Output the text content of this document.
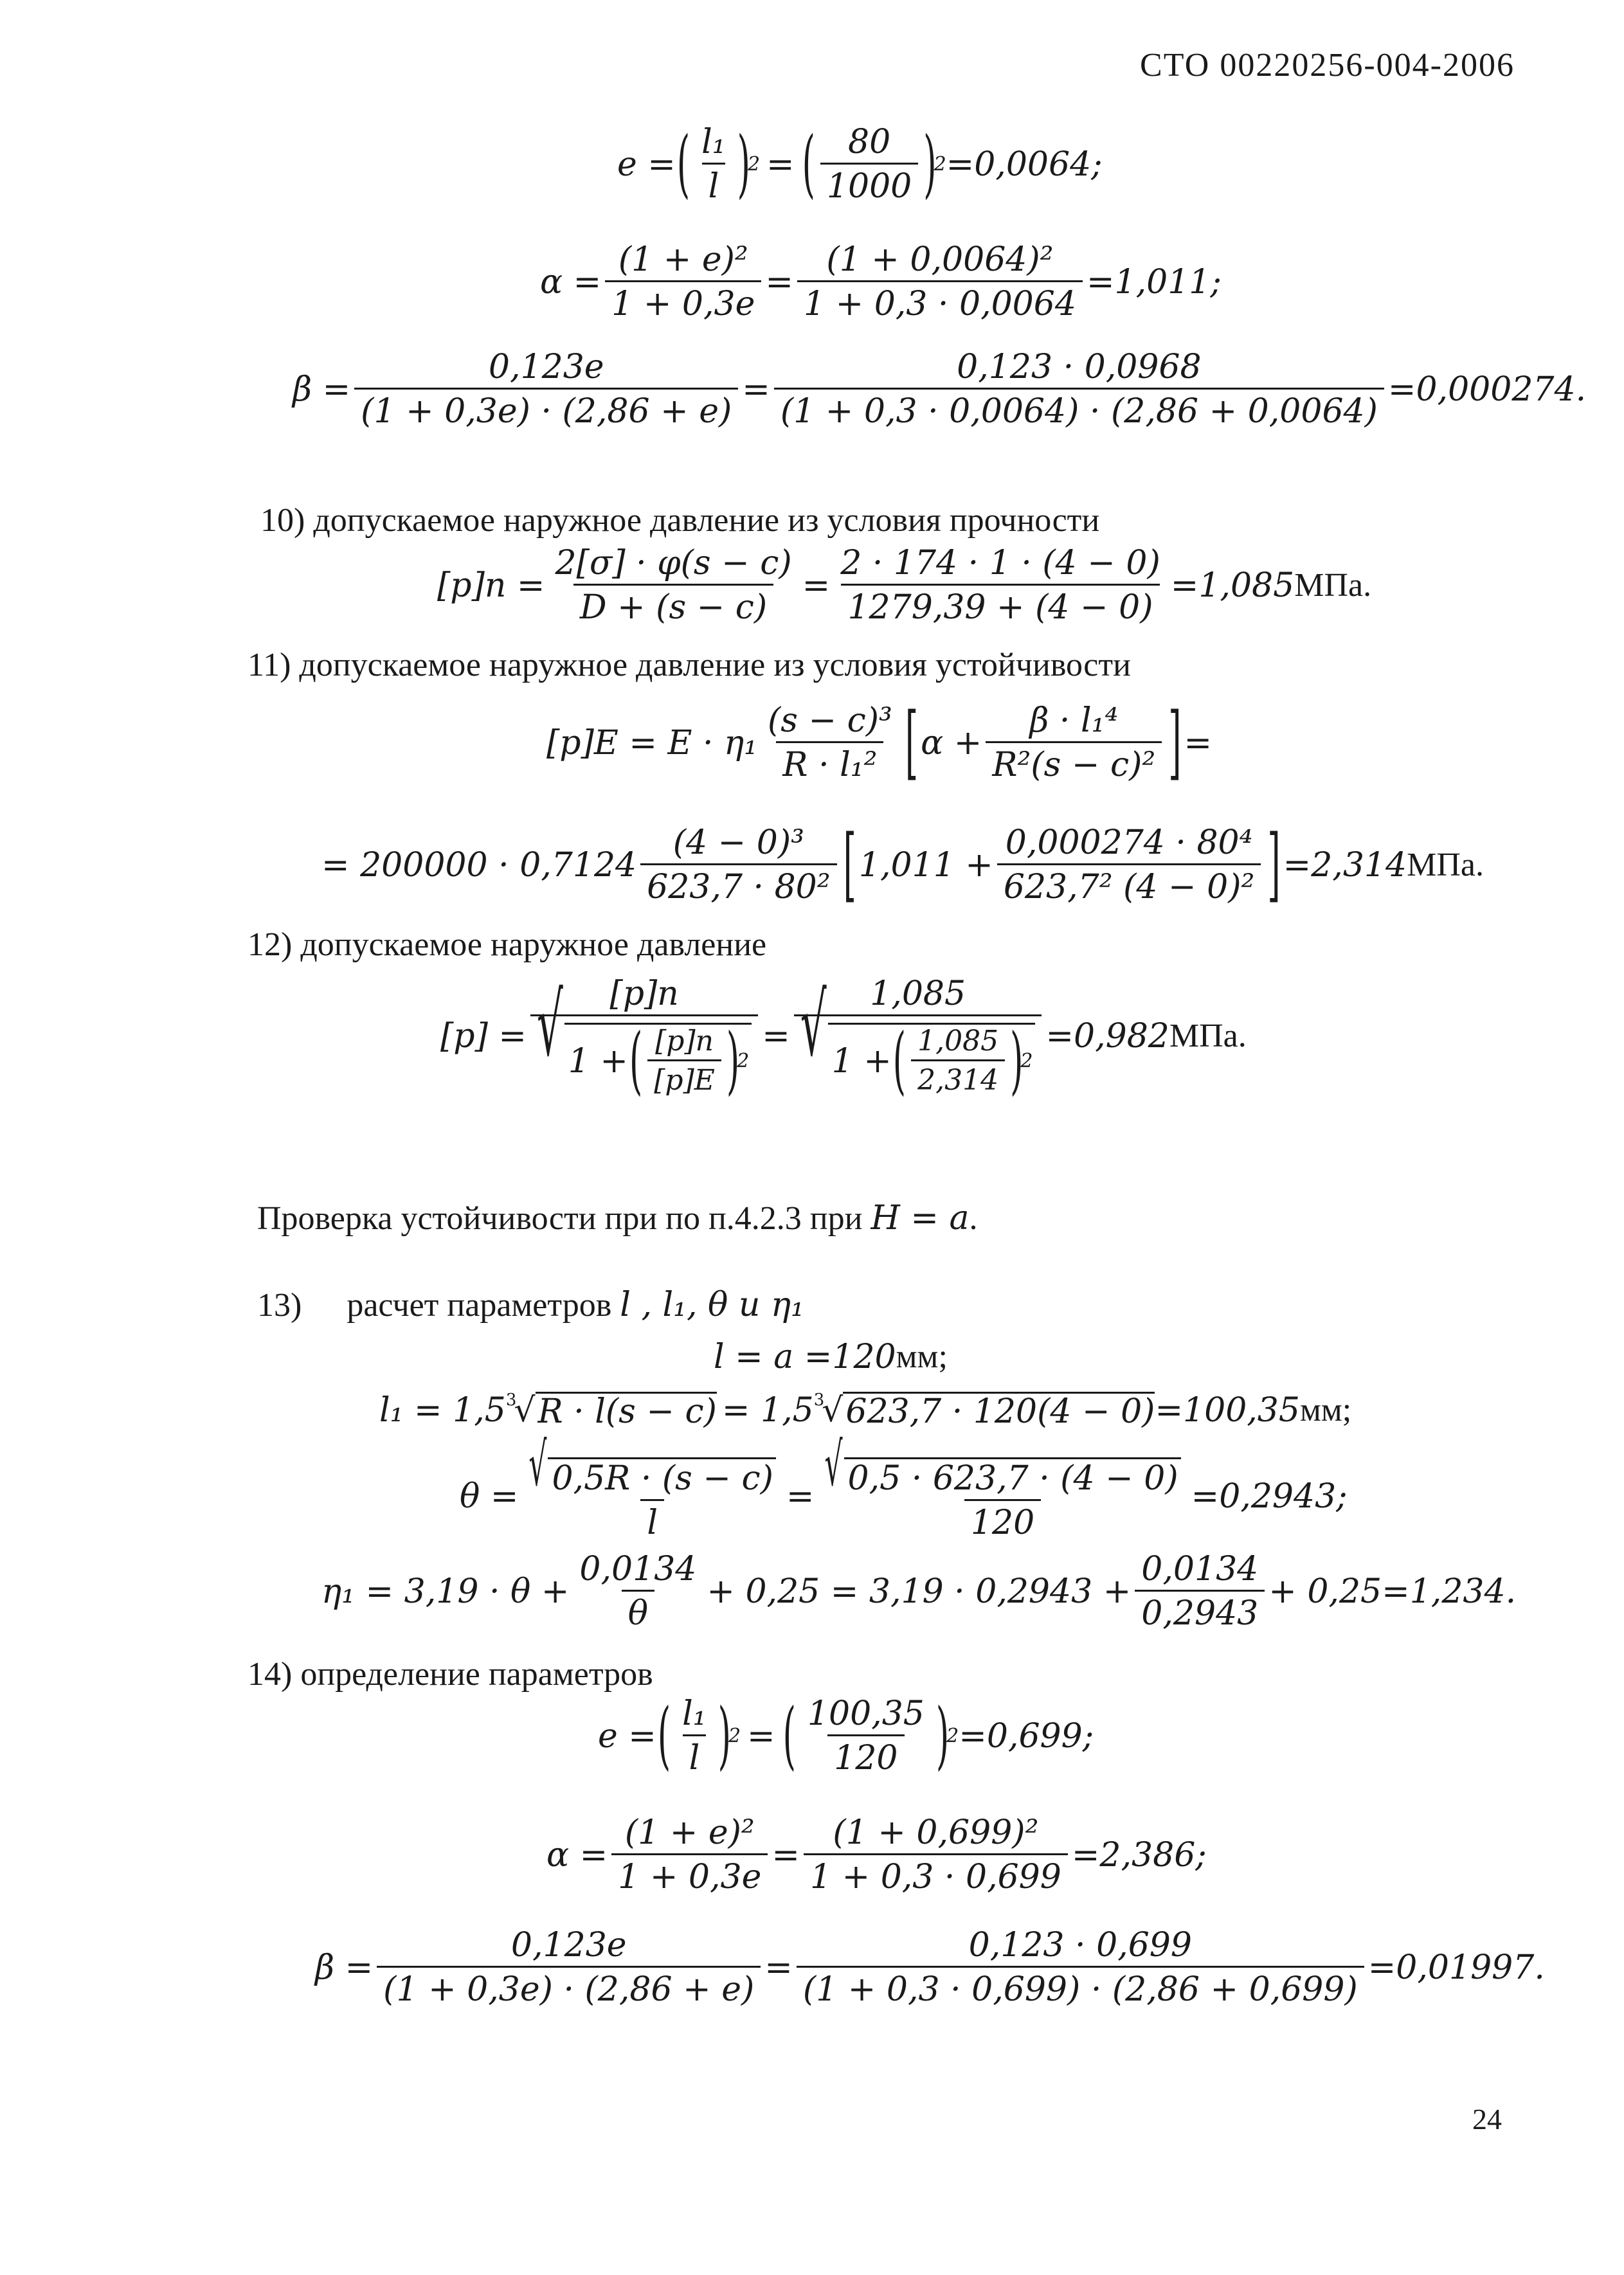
СТО 00220256-004-2006
e = ( $\frac{\text{l₁}}{l}$ )
2 = ( $\frac{80}{1000}$ )
2 =0,0064;
$\alpha = \frac{\text{(1 + e)²}}{1 + 0,3e} = \frac{\text{(1 + 0,0064)²}}{1 + 0,3 \cdot 0,0064} =1,011$;
$\beta = \frac{0,123e}{(1 + 0,3e) \cdot (2,86 + e)} = \frac{0,123 \cdot 0,0968}{(1 + 0,3 \cdot 0,0064) \cdot (2,86 + 0,0064)} =0,000274$.
10) допускаемое наружное давление из условия прочности
$[p]п = \frac{2[\sigma] \cdot \varphi(s - c)}{D + (s - c)} = \frac{2 \cdot 174 \cdot 1 \cdot (4 - 0)}{1279,39 + (4 - 0)} =1,085$ МПа.
11) допускаемое наружное давление из условия устойчивости
$[p]E = E \cdot \eta_1 \frac{\text{(s − c)³}}{\text{R · l₁²}}$ [ $\alpha + \frac{\text{β · l₁⁴}}{\text{R²(s − c)²}}$ ] =
= $200000 \cdot 0,7124 \frac{\text{(4 − 0)³}}{\text{623,7 · 80²}}$ [ $1,011 + \frac{\text{0,000274 · 80⁴}}{\text{623,7² (4 − 0)²}}$ ] =2,314 МПа.
12) допускаемое наружное давление
[p] = [p]п
√ 1 + ( $\frac{[p]п}{[p]E}$ )
2 = 1,085
√ 1 + ( $\frac{1,085}{2,314}$ )
2 =0,982 МПа.
Проверка устойчивости при по п.4.2.3 при H = a.
13) расчет параметров l , l₁, θ и η₁
l = a =120 мм;
l₁ = 1,5 3
√ R · l(s − c) = 1,5 3
√ 623,7 · 120(4 − 0) =100,35 мм;
$\theta = \frac{√ 0,5R \cdot (s - c)}{l} = \frac{√ 0,5 \cdot 623,7 \cdot (4 - 0)}{120} =0,2943$;
$\eta_1 = 3,19 \cdot \theta + \frac{0,0134}{\theta} + 0,25 = 3,19 \cdot 0,2943 + \frac{0,0134}{0,2943} + 0,25=1,234$.
14) определение параметров
e = ( $\frac{\text{l₁}}{l}$ )
2 = ( $\frac{100,35}{120}$ )
2 =0,699;
$\alpha = \frac{\text{(1 + e)²}}{1 + 0,3e} = \frac{\text{(1 + 0,699)²}}{1 + 0,3 \cdot 0,699} =2,386$;
$\beta = \frac{0,123e}{(1 + 0,3e) \cdot (2,86 + e)} = \frac{0,123 \cdot 0,699}{(1 + 0,3 \cdot 0,699) \cdot (2,86 + 0,699)} =0,01997$.
24
